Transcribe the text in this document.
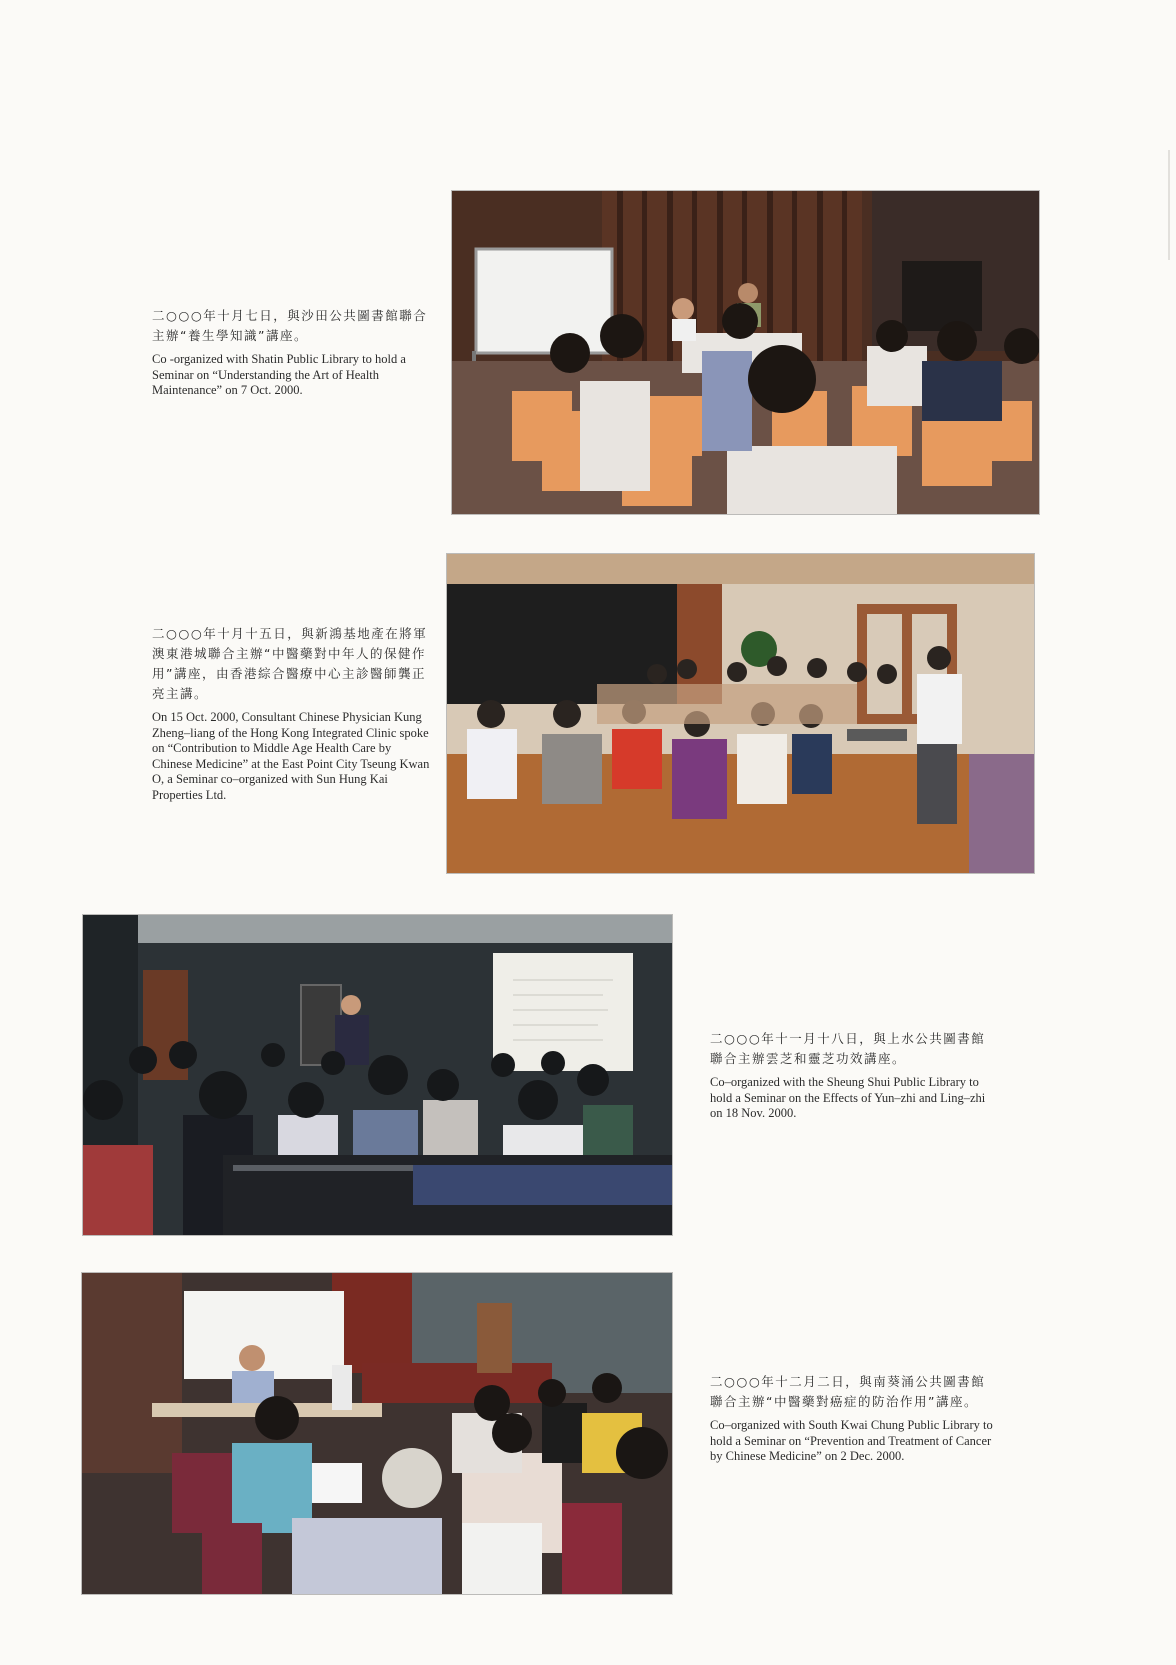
二○○○年十月七日，與沙田公共圖書館聯合主辦“養生學知識”講座。

Co -organized with Shatin Public Library to hold a Seminar on “Understanding the Art of Health Maintenance” on 7 Oct. 2000.

二○○○年十月十五日，與新鴻基地產在將軍澳東港城聯合主辦“中醫藥對中年人的保健作用”講座，由香港綜合醫療中心主診醫師龔正亮主講。

On 15 Oct. 2000, Consultant Chinese Physician Kung Zheng–liang of the Hong Kong Integrated Clinic spoke on “Contribution to Middle Age Health Care by Chinese Medicine” at the East Point City Tseung Kwan O, a Seminar co–organized with Sun Hung Kai Properties Ltd.

二○○○年十一月十八日，與上水公共圖書館聯合主辦雲芝和靈芝功效講座。

Co–organized with the Sheung Shui Public Library to hold a Seminar on the Effects of Yun–zhi and Ling–zhi on 18 Nov. 2000.

二○○○年十二月二日，與南葵涌公共圖書館聯合主辦“中醫藥對癌症的防治作用”講座。

Co–organized with South Kwai Chung Public Library to hold a Seminar on “Prevention and Treatment of Cancer by Chinese Medicine” on 2 Dec. 2000.
